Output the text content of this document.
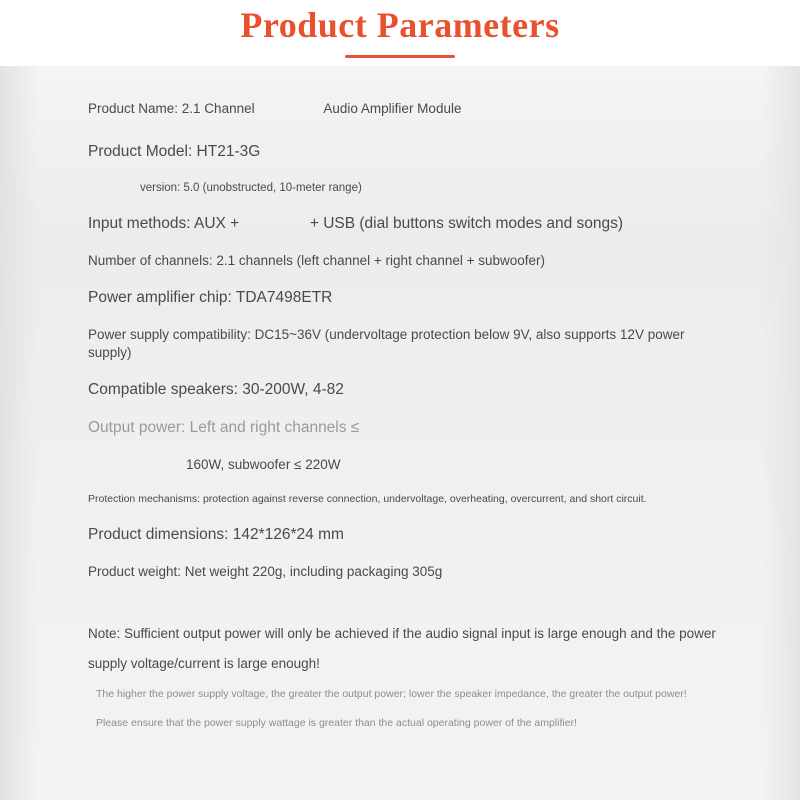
Product Parameters
Product Name: 2.1 Channel	Audio Amplifier Module
Product Model: HT21-3G
version: 5.0 (unobstructed, 10-meter range)
Input methods: AUX +	+ USB (dial buttons switch modes and songs)
Number of channels: 2.1 channels (left channel + right channel + subwoofer)
Power amplifier chip: TDA7498ETR
Power supply compatibility: DC15~36V (undervoltage protection below 9V, also supports 12V power supply)
Compatible speakers: 30-200W, 4-82
Output power: Left and right channels ≤
160W, subwoofer ≤ 220W
Protection mechanisms: protection against reverse connection, undervoltage, overheating, overcurrent, and short circuit.
Product dimensions: 142*126*24 mm
Product weight: Net weight 220g, including packaging 305g
Note: Sufficient output power will only be achieved if the audio signal input is large enough and the power
supply voltage/current is large enough!
The higher the power supply voltage, the greater the output power; lower the speaker impedance, the greater the output power!
Please ensure that the power supply wattage is greater than the actual operating power of the amplifier!
